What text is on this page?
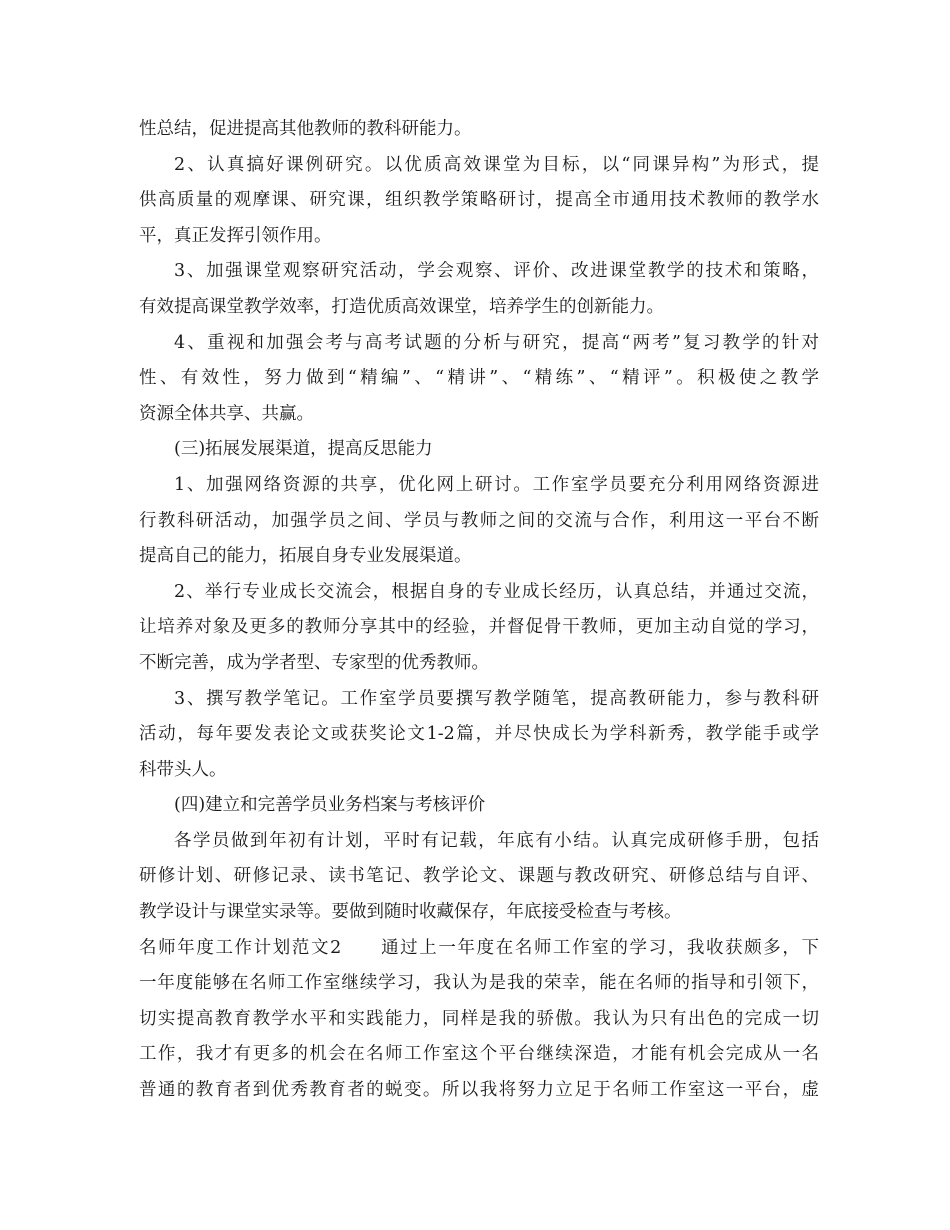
性总结，促进提高其他教师的教科研能力。
2、认真搞好课例研究。以优质高效课堂为目标，以“同课异构”为形式，提
供高质量的观摩课、研究课，组织教学策略研讨，提高全市通用技术教师的教学水
平，真正发挥引领作用。
3、加强课堂观察研究活动，学会观察、评价、改进课堂教学的技术和策略，
有效提高课堂教学效率，打造优质高效课堂，培养学生的创新能力。
4、重视和加强会考与高考试题的分析与研究，提高“两考”复习教学的针对
性、有效性，努力做到“精编”、“精讲”、“精练”、“精评”。积极使之教学
资源全体共享、共赢。
(三)拓展发展渠道，提高反思能力
1、加强网络资源的共享，优化网上研讨。工作室学员要充分利用网络资源进
行教科研活动，加强学员之间、学员与教师之间的交流与合作，利用这一平台不断
提高自己的能力，拓展自身专业发展渠道。
2、举行专业成长交流会，根据自身的专业成长经历，认真总结，并通过交流，
让培养对象及更多的教师分享其中的经验，并督促骨干教师，更加主动自觉的学习，
不断完善，成为学者型、专家型的优秀教师。
3、撰写教学笔记。工作室学员要撰写教学随笔，提高教研能力，参与教科研
活动，每年要发表论文或获奖论文1-2篇，并尽快成长为学科新秀，教学能手或学
科带头人。
(四)建立和完善学员业务档案与考核评价
各学员做到年初有计划，平时有记载，年底有小结。认真完成研修手册，包括
研修计划、研修记录、读书笔记、教学论文、课题与教改研究、研修总结与自评、
教学设计与课堂实录等。要做到随时收藏保存，年底接受检查与考核。
名师年度工作计划范文2　　通过上一年度在名师工作室的学习，我收获颇多，下
一年度能够在名师工作室继续学习，我认为是我的荣幸，能在名师的指导和引领下，
切实提高教育教学水平和实践能力，同样是我的骄傲。我认为只有出色的完成一切
工作，我才有更多的机会在名师工作室这个平台继续深造，才能有机会完成从一名
普通的教育者到优秀教育者的蜕变。所以我将努力立足于名师工作室这一平台，虚
